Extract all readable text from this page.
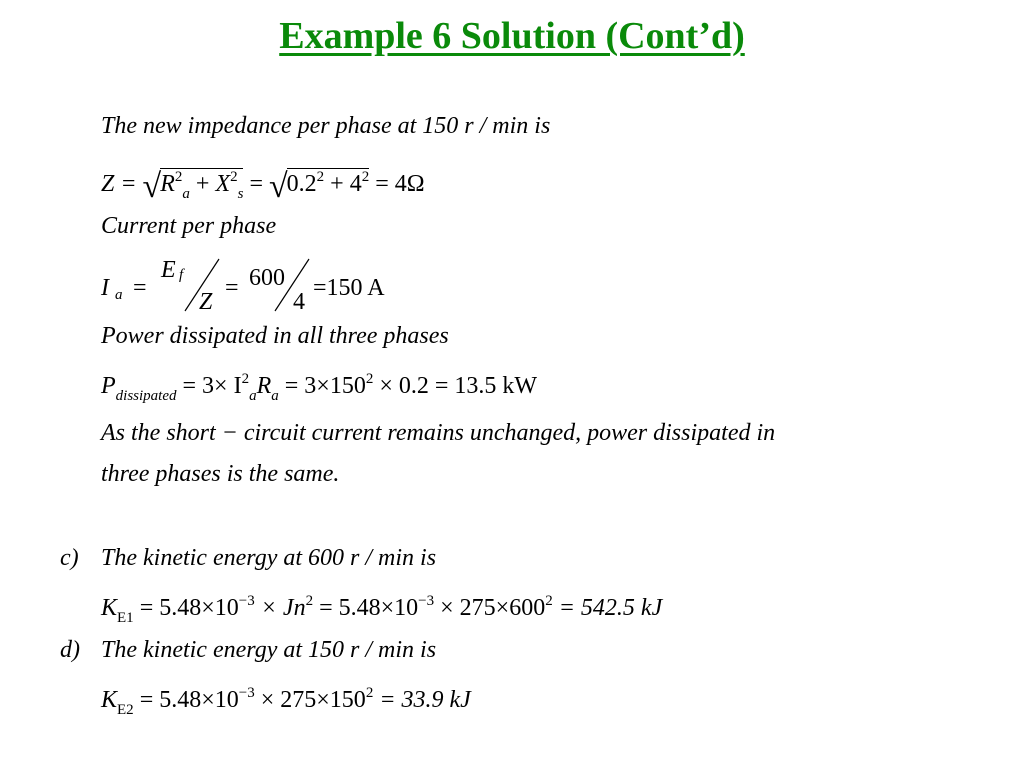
Example 6 Solution (Cont’d)
The new impedance per phase at 150 r / min is
$Z = √R^2_a + X^2_s = √0.2^2 + 4^2 = 4\Omega$
Current per phase
I a =
E f
Z
= 600
4
=150 A
Power dissipated in all three phases
$P_{dissipated} = 3\times I^2_aR_a = 3\times 150^2 \times 0.2 = 13.5$ kW
As the short − circuit current remains unchanged, power dissipated in
three phases is the same.
c) The kinetic energy at 600 r / min is
$K_{E1} = 5.48\times 10^{-3} \times Jn^2 = 5.48\times 10^{-3} \times 275\times 600^2 = 542.5$ kJ
d) The kinetic energy at 150 r / min is
$K_{E2} = 5.48\times 10^{-3} \times 275\times 150^2 = 33.9$ kJ
